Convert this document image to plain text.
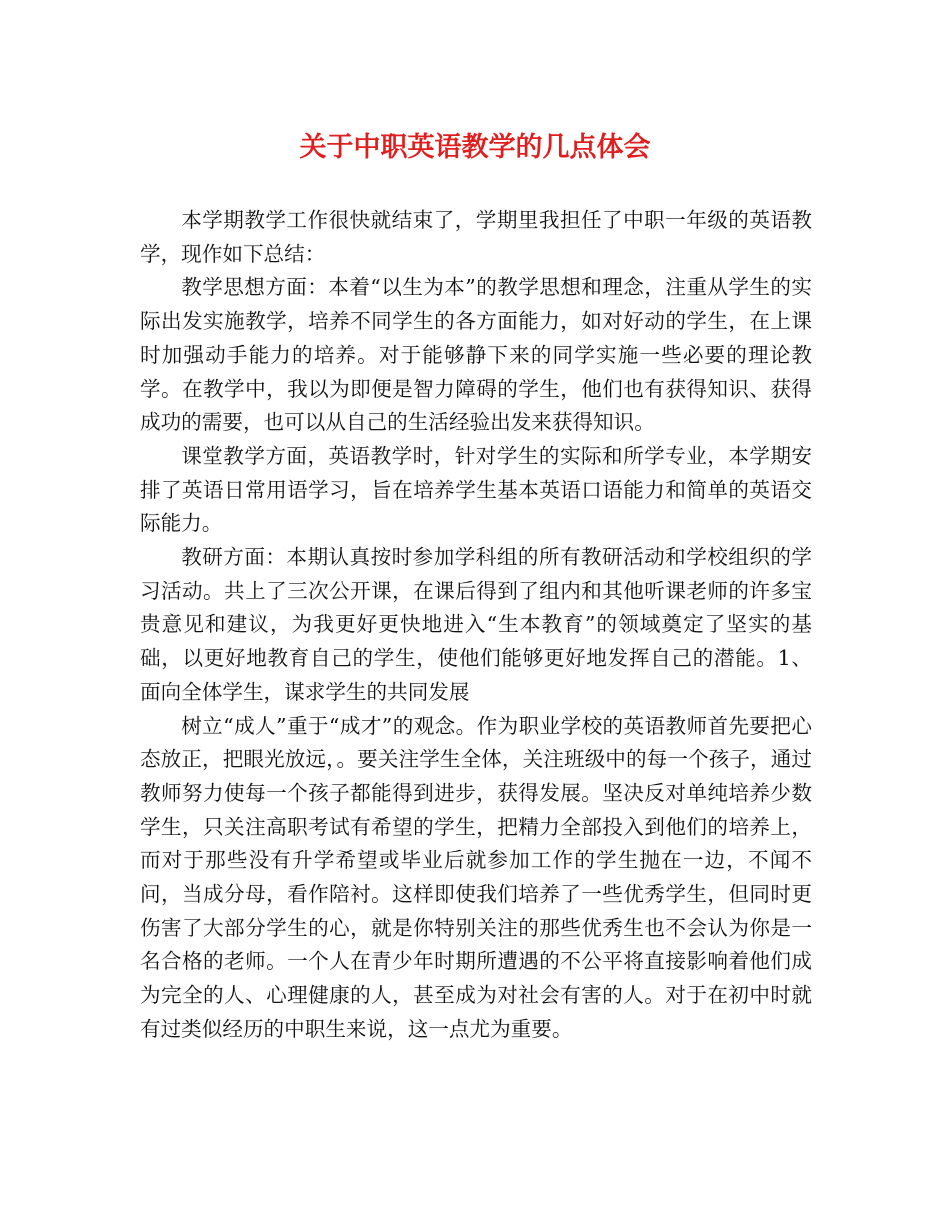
关于中职英语教学的几点体会

本学期教学工作很快就结束了，学期里我担任了中职一年级的英语教学，现作如下总结：

教学思想方面：本着“以生为本”的教学思想和理念，注重从学生的实际出发实施教学，培养不同学生的各方面能力，如对好动的学生，在上课时加强动手能力的培养。对于能够静下来的同学实施一些必要的理论教学。在教学中，我以为即便是智力障碍的学生，他们也有获得知识、获得成功的需要，也可以从自己的生活经验出发来获得知识。

课堂教学方面，英语教学时，针对学生的实际和所学专业，本学期安排了英语日常用语学习，旨在培养学生基本英语口语能力和简单的英语交际能力。

教研方面：本期认真按时参加学科组的所有教研活动和学校组织的学习活动。共上了三次公开课，在课后得到了组内和其他听课老师的许多宝贵意见和建议，为我更好更快地进入“生本教育”的领域奠定了坚实的基础，以更好地教育自己的学生，使他们能够更好地发挥自己的潜能。1、面向全体学生，谋求学生的共同发展

树立“成人”重于“成才”的观念。作为职业学校的英语教师首先要把心态放正，把眼光放远，。要关注学生全体，关注班级中的每一个孩子，通过教师努力使每一个孩子都能得到进步，获得发展。坚决反对单纯培养少数学生，只关注高职考试有希望的学生，把精力全部投入到他们的培养上，而对于那些没有升学希望或毕业后就参加工作的学生抛在一边，不闻不问，当成分母，看作陪衬。这样即使我们培养了一些优秀学生，但同时更伤害了大部分学生的心，就是你特别关注的那些优秀生也不会认为你是一名合格的老师。一个人在青少年时期所遭遇的不公平将直接影响着他们成为完全的人、心理健康的人，甚至成为对社会有害的人。对于在初中时就有过类似经历的中职生来说，这一点尤为重要。
